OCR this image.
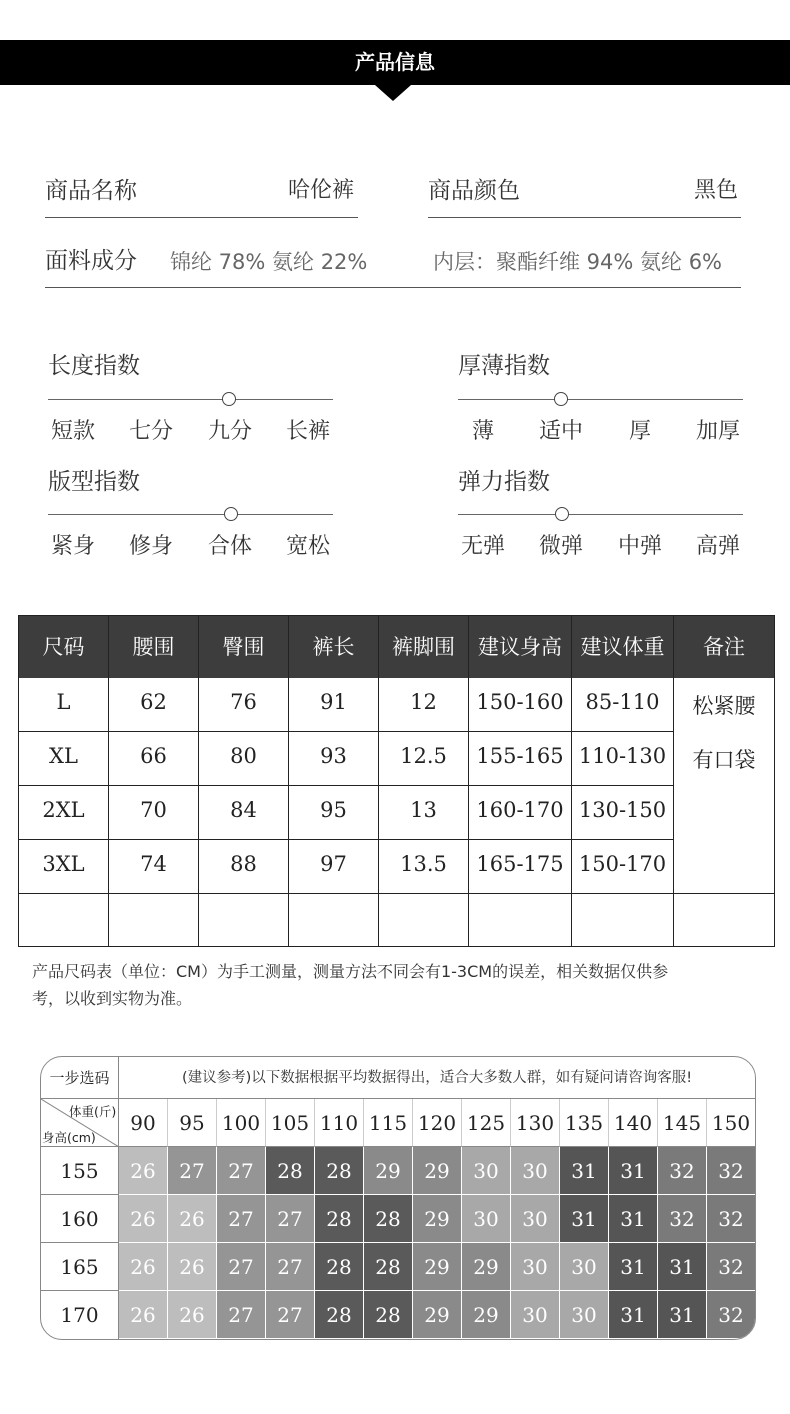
产品信息
商品名称	哈伦裤	商品颜色	黑色
面料成分 锦纶 78% 氨纶 22%	内层：聚酯纤维 94% 氨纶 6%
长度指数
短款	七分	九分	长裤
厚薄指数
薄	适中	厚	加厚
版型指数
紧身	修身	合体	宽松
弹力指数
无弹	微弹	中弹	高弹
尺码	腰围	臀围	裤长	裤脚围	建议身高 建议体重	备注
L	62	76	91	12	150-160	85-110
XL	66	80	93	12.5	155-165 110-130
2XL	70	84	95	13	160-170 130-150
3XL	74	88	97	13.5	165-175 150-170
松紧腰
有口袋
产品尺码表（单位：CM）为手工测量，测量方法不同会有1-3CM的误差，相关数据仅供参
考，以收到实物为准。
一步选码	(建议参考)以下数据根据平均数据得出，适合大多数人群，如有疑问请咨询客服!
体重(斤)
身高(cm)
90	95 100 105 110 115 120 125 130 135 140 145 150
155	26	27	27	28	28	29	29	30	30	31	31	32	32
160	26	26	27	27	28	28	29	30	30	31	31	32	32
165	26	26	27	27	28	28	29	29	30	30	31	31	32
170	26	26	27	27	28	28	29	29	30	30	31	31	32
